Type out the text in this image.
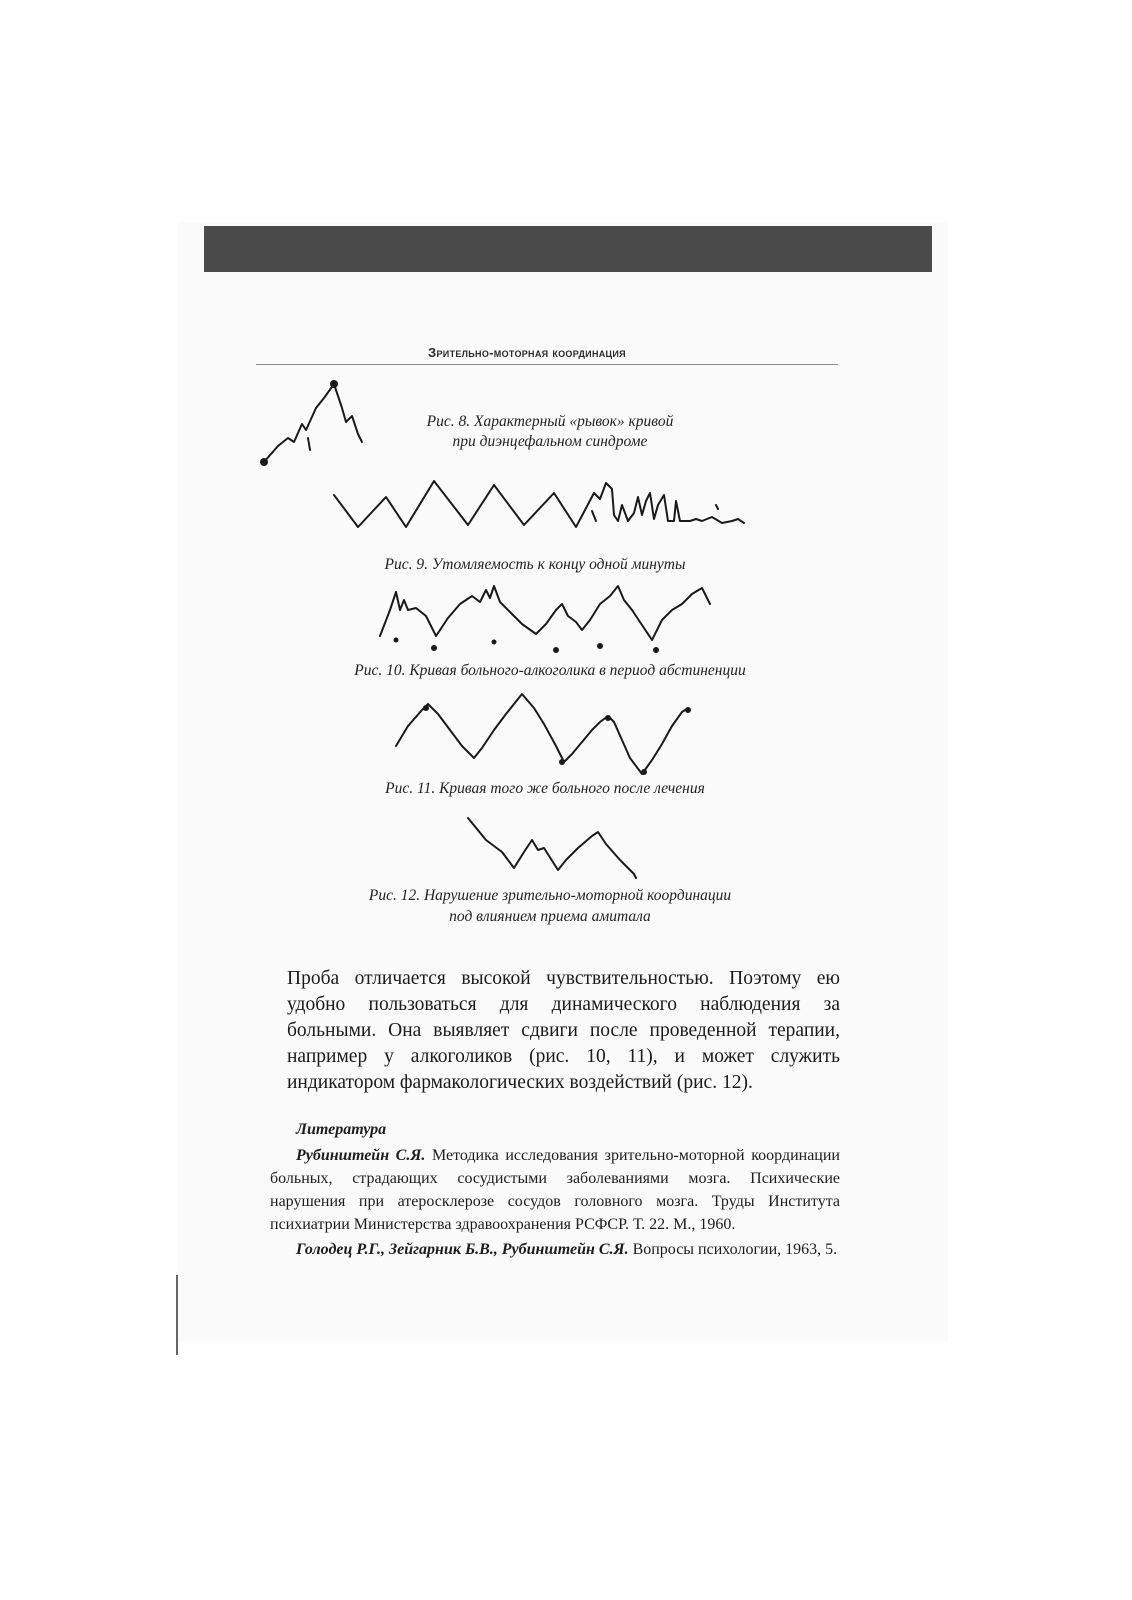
Зрительно-моторная координация
Рис. 8. Характерный «рывок» кривой
при диэнцефальном синдроме
Рис. 9. Утомляемость к концу одной минуты
Рис. 10. Кривая больного-алкоголика в период абстиненции
Рис. 11. Кривая того же больного после лечения
Рис. 12. Нарушение зрительно-моторной координации
под влиянием приема амитала

Проба отличается высокой чувствительностью. Поэтому ею удобно пользоваться для динамического наблюдения за больными. Она выявляет сдвиги после проведенной терапии, например у алкоголиков (рис. 10, 11), и может служить индикатором фармакологических воздействий (рис. 12).

Литература

Рубинштейн С.Я. Методика исследования зрительно-моторной координации больных, страдающих сосудистыми заболеваниями мозга. Психические нарушения при атеросклерозе сосудов головного мозга. Труды Института психиатрии Министерства здравоохранения РСФСР. Т. 22. М., 1960.

Голодец Р.Г., Зейгарник Б.В., Рубинштейн С.Я. Вопросы психологии, 1963, 5.
